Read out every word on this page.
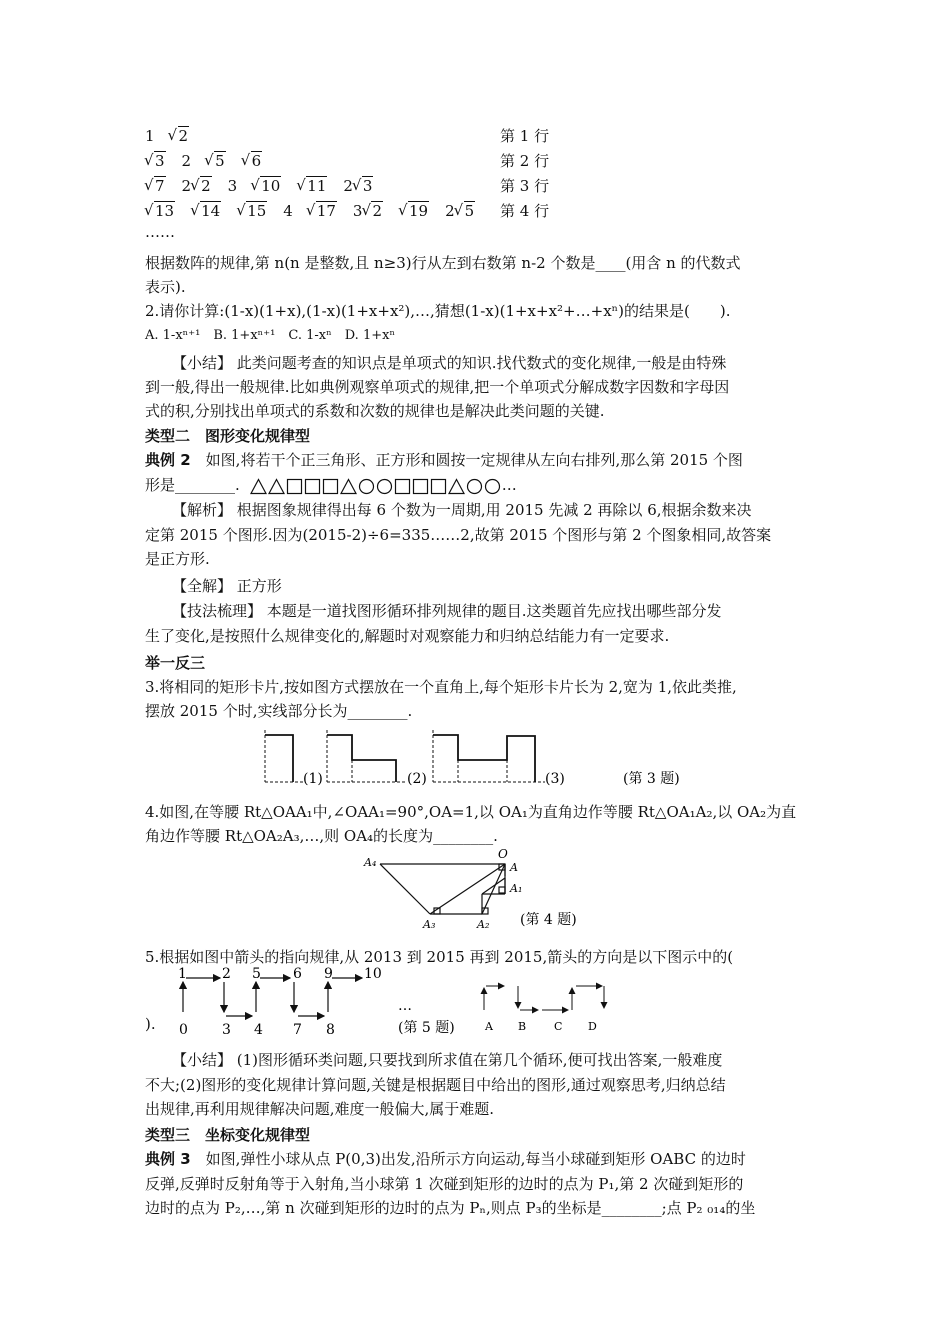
1 √ 2	第 1 行
√ 3 2 √ 5 √ 6	第 2 行
√ 7 2 √ 2 3 √ 10 √ 11 2 √ 3	第 3 行
√ 13 √ 14 √ 15 4 √ 17 3 √ 2 √ 19 2 √ 5 第 4 行
……
根据数阵的规律,第 n(n 是整数,且 n≥3)行从左到右数第 n-2 个数是____(用含 n 的代数式
表示).
2.请你计算:(1-x)(1+x),(1-x)(1+x+x²),…,猜想(1-x)(1+x+x²+…+xⁿ)的结果是(　　).
A. 1-xⁿ⁺¹　B. 1+xⁿ⁺¹　C. 1-xⁿ　D. 1+xⁿ
【小结】 此类问题考查的知识点是单项式的知识.找代数式的变化规律,一般是由特殊
到一般,得出一般规律.比如典例观察单项式的规律,把一个单项式分解成数字因数和字母因
式的积,分别找出单项式的系数和次数的规律也是解决此类问题的关键.
类型二　图形变化规律型
典例 2　如图,将若干个正三角形、正方形和圆按一定规律从左向右排列,那么第 2015 个图
形是________.	…
【解析】 根据图象规律得出每 6 个数为一周期,用 2015 先减 2 再除以 6,根据余数来决
定第 2015 个图形.因为(2015-2)÷6=335……2,故第 2015 个图形与第 2 个图象相同,故答案
是正方形.
【全解】 正方形
【技法梳理】 本题是一道找图形循环排列规律的题目.这类题首先应找出哪些部分发
生了变化,是按照什么规律变化的,解题时对观察能力和归纳总结能力有一定要求.
举一反三
3.将相同的矩形卡片,按如图方式摆放在一个直角上,每个矩形卡片长为 2,宽为 1,依此类推,
摆放 2015 个时,实线部分长为________.
(1)	(2)	(3)	(第 3 题)
4.如图,在等腰 Rt△OAA₁中,∠OAA₁=90°,OA=1,以 OA₁为直角边作等腰 Rt△OA₁A₂,以 OA₂为直
角边作等腰 Rt△OA₂A₃,…,则 OA₄的长度为________.
O
A
A₁
A₂
A₃
A₄
(第 4 题)
5.根据如图中箭头的指向规律,从 2013 到 2015 再到 2015,箭头的方向是以下图示中的(
1	2 5 6 9 10
0 3 4 7 8
…
(第 5 题)	A B	C D
).
【小结】 (1)图形循环类问题,只要找到所求值在第几个循环,便可找出答案,一般难度
不大;(2)图形的变化规律计算问题,关键是根据题目中给出的图形,通过观察思考,归纳总结
出规律,再利用规律解决问题,难度一般偏大,属于难题.
类型三　坐标变化规律型
典例 3　如图,弹性小球从点 P(0,3)出发,沿所示方向运动,每当小球碰到矩形 OABC 的边时
反弹,反弹时反射角等于入射角,当小球第 1 次碰到矩形的边时的点为 P₁,第 2 次碰到矩形的
边时的点为 P₂,…,第 n 次碰到矩形的边时的点为 Pₙ,则点 P₃的坐标是________;点 P₂ ₀₁₄的坐
